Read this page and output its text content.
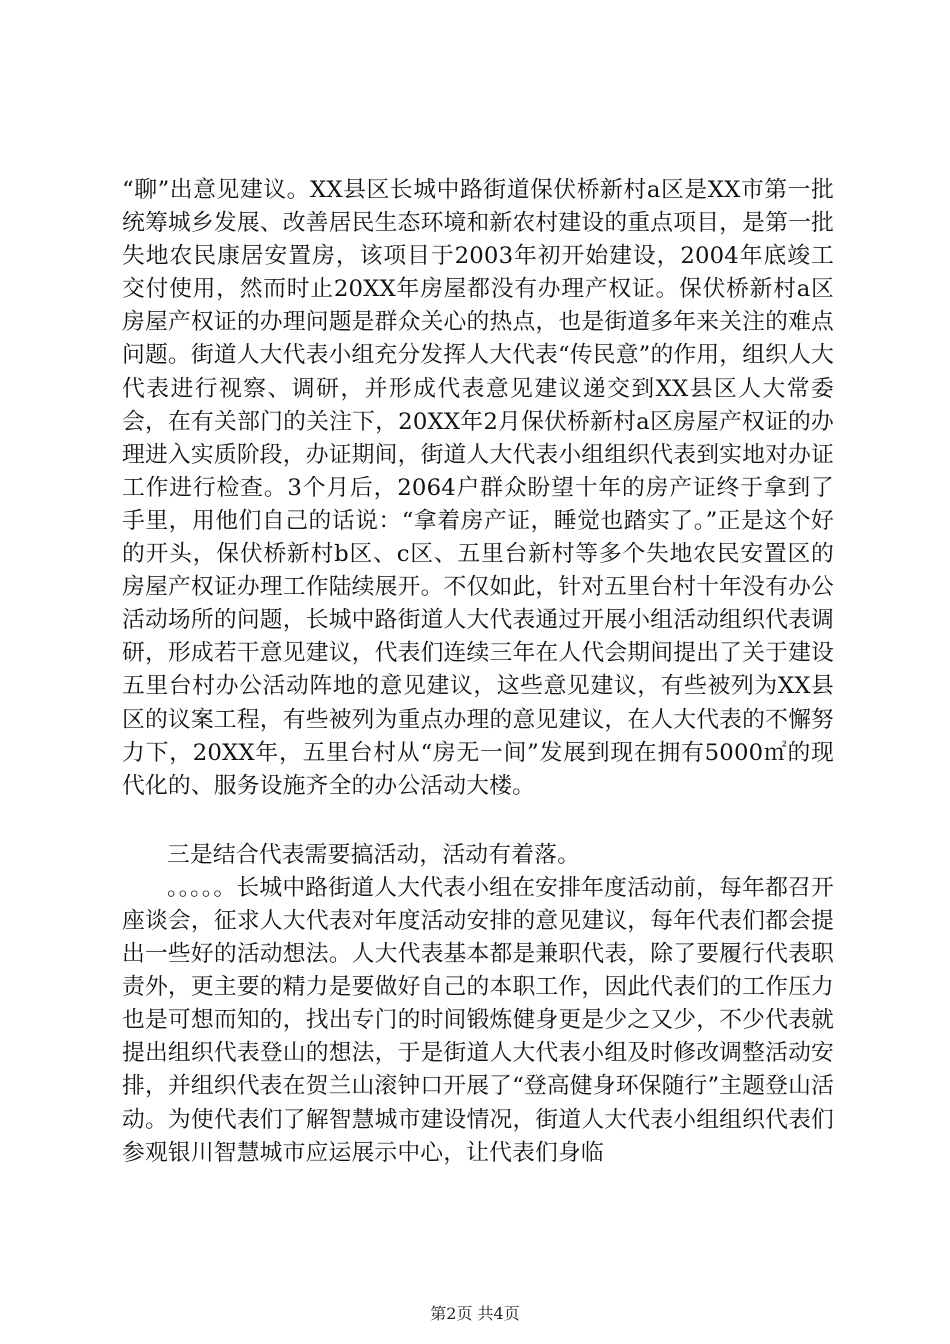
“聊”出意见建议。XX县区长城中路街道保伏桥新村a区是XX市第一批统筹城乡发展、改善居民生态环境和新农村建设的重点项目，是第一批失地农民康居安置房，该项目于2003年初开始建设，2004年底竣工交付使用，然而时止20XX年房屋都没有办理产权证。保伏桥新村a区房屋产权证的办理问题是群众关心的热点，也是街道多年来关注的难点问题。街道人大代表小组充分发挥人大代表“传民意”的作用，组织人大代表进行视察、调研，并形成代表意见建议递交到XX县区人大常委会，在有关部门的关注下，20XX年2月保伏桥新村a区房屋产权证的办理进入实质阶段，办证期间，街道人大代表小组组织代表到实地对办证工作进行检查。3个月后，2064户群众盼望十年的房产证终于拿到了手里，用他们自己的话说：“拿着房产证，睡觉也踏实了。”正是这个好的开头，保伏桥新村b区、c区、五里台新村等多个失地农民安置区的房屋产权证办理工作陆续展开。不仅如此，针对五里台村十年没有办公活动场所的问题，长城中路街道人大代表通过开展小组活动组织代表调研，形成若干意见建议，代表们连续三年在人代会期间提出了关于建设五里台村办公活动阵地的意见建议，这些意见建议，有些被列为XX县区的议案工程，有些被列为重点办理的意见建议，在人大代表的不懈努力下，20XX年，五里台村从“房无一间”发展到现在拥有5000㎡的现代化的、服务设施齐全的办公活动大楼。

三是结合代表需要搞活动，活动有着落。

。。。。。长城中路街道人大代表小组在安排年度活动前，每年都召开座谈会，征求人大代表对年度活动安排的意见建议，每年代表们都会提出一些好的活动想法。人大代表基本都是兼职代表，除了要履行代表职责外，更主要的精力是要做好自己的本职工作，因此代表们的工作压力也是可想而知的，找出专门的时间锻炼健身更是少之又少，不少代表就提出组织代表登山的想法，于是街道人大代表小组及时修改调整活动安排，并组织代表在贺兰山滚钟口开展了“登高健身环保随行”主题登山活动。为使代表们了解智慧城市建设情况，街道人大代表小组组织代表们参观银川智慧城市应运展示中心，让代表们身临

第2页 共4页
